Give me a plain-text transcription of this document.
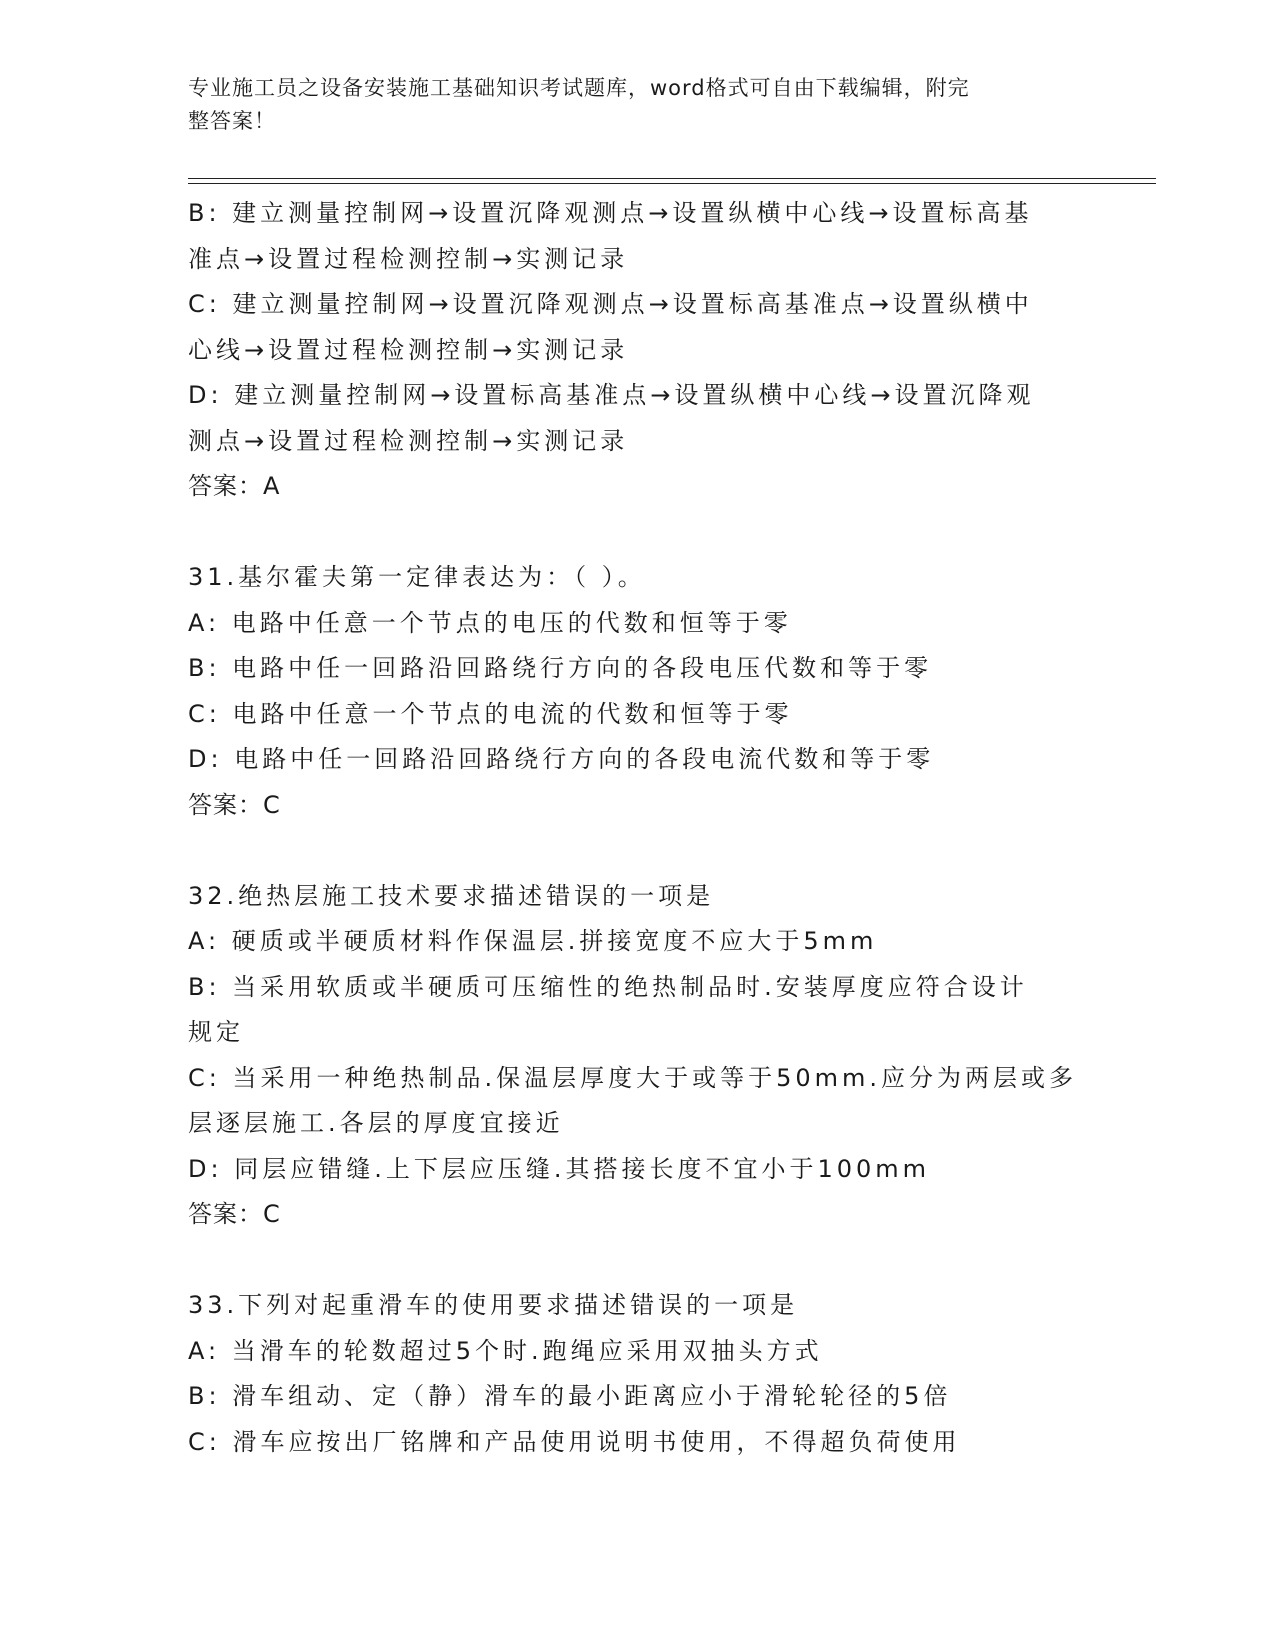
专业施工员之设备安装施工基础知识考试题库，word格式可自由下载编辑，附完
整答案！
B: 建立测量控制网→设置沉降观测点→设置纵横中心线→设置标高基
准点→设置过程检测控制→实测记录
C: 建立测量控制网→设置沉降观测点→设置标高基准点→设置纵横中
心线→设置过程检测控制→实测记录
D: 建立测量控制网→设置标高基准点→设置纵横中心线→设置沉降观
测点→设置过程检测控制→实测记录
答案：A
31.基尔霍夫第一定律表达为：（ ）。
A: 电路中任意一个节点的电压的代数和恒等于零
B: 电路中任一回路沿回路绕行方向的各段电压代数和等于零
C: 电路中任意一个节点的电流的代数和恒等于零
D: 电路中任一回路沿回路绕行方向的各段电流代数和等于零
答案：C
32.绝热层施工技术要求描述错误的一项是
A: 硬质或半硬质材料作保温层.拼接宽度不应大于5mm
B: 当采用软质或半硬质可压缩性的绝热制品时.安装厚度应符合设计
规定
C: 当采用一种绝热制品.保温层厚度大于或等于50mm.应分为两层或多
层逐层施工.各层的厚度宜接近
D: 同层应错缝.上下层应压缝.其搭接长度不宜小于100mm
答案：C
33.下列对起重滑车的使用要求描述错误的一项是
A: 当滑车的轮数超过5个时.跑绳应采用双抽头方式
B: 滑车组动、定（静）滑车的最小距离应小于滑轮轮径的5倍
C: 滑车应按出厂铭牌和产品使用说明书使用，不得超负荷使用
